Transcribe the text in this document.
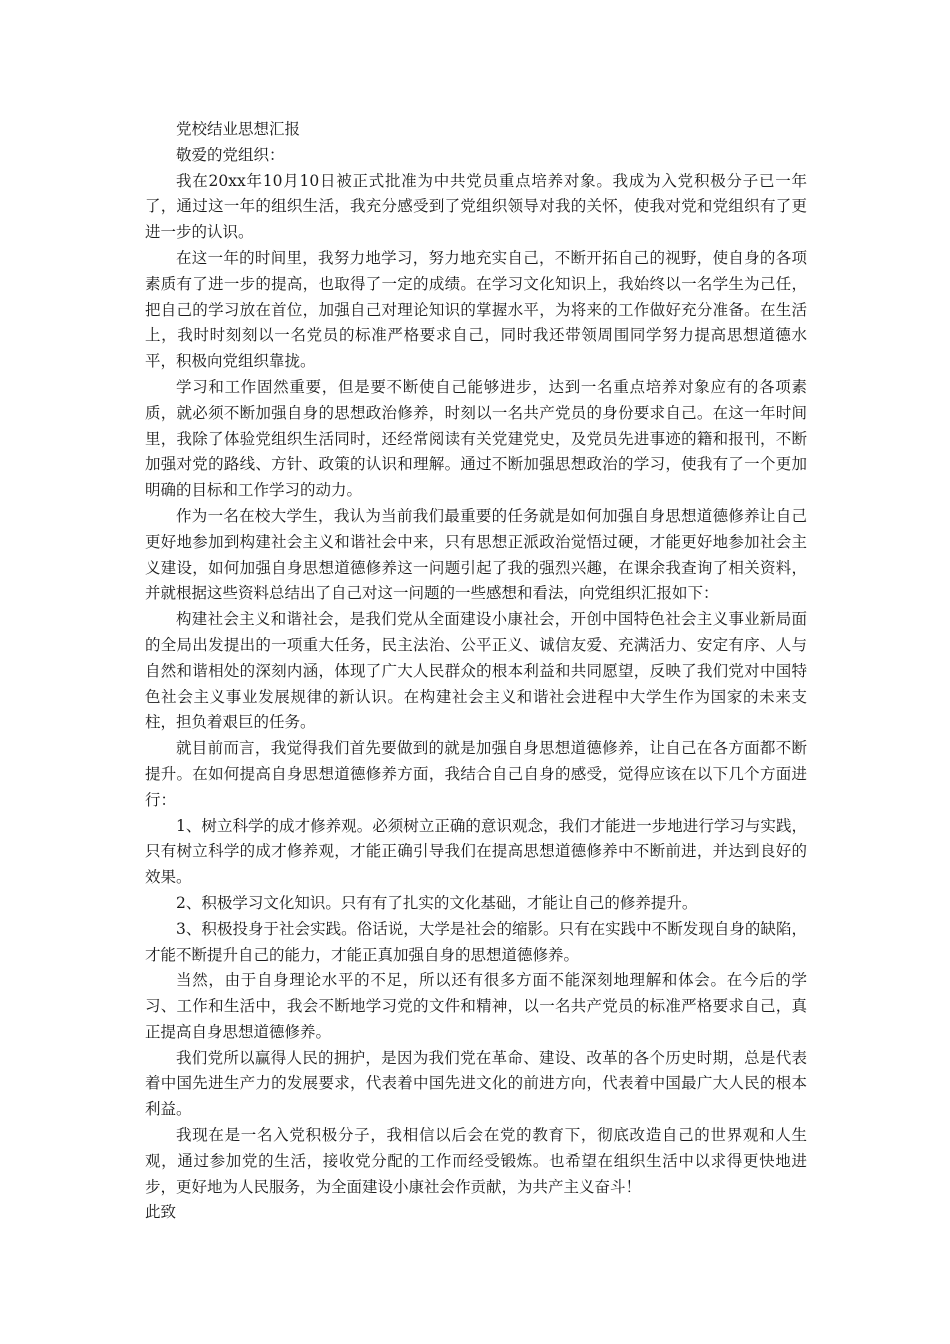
党校结业思想汇报

敬爱的党组织：

我在20xx年10月10日被正式批准为中共党员重点培养对象。我成为入党积极分子已一年了，通过这一年的组织生活，我充分感受到了党组织领导对我的关怀，使我对党和党组织有了更进一步的认识。

在这一年的时间里，我努力地学习，努力地充实自己，不断开拓自己的视野，使自身的各项素质有了进一步的提高，也取得了一定的成绩。在学习文化知识上，我始终以一名学生为己任，把自己的学习放在首位，加强自己对理论知识的掌握水平，为将来的工作做好充分准备。在生活上，我时时刻刻以一名党员的标准严格要求自己，同时我还带领周围同学努力提高思想道德水平，积极向党组织靠拢。

学习和工作固然重要，但是要不断使自己能够进步，达到一名重点培养对象应有的各项素质，就必须不断加强自身的思想政治修养，时刻以一名共产党员的身份要求自己。在这一年时间里，我除了体验党组织生活同时，还经常阅读有关党建党史，及党员先进事迹的籍和报刊，不断加强对党的路线、方针、政策的认识和理解。通过不断加强思想政治的学习，使我有了一个更加明确的目标和工作学习的动力。

作为一名在校大学生，我认为当前我们最重要的任务就是如何加强自身思想道德修养让自己更好地参加到构建社会主义和谐社会中来，只有思想正派政治觉悟过硬，才能更好地参加社会主义建设，如何加强自身思想道德修养这一问题引起了我的强烈兴趣，在课余我查询了相关资料，并就根据这些资料总结出了自己对这一问题的一些感想和看法，向党组织汇报如下：

构建社会主义和谐社会，是我们党从全面建设小康社会，开创中国特色社会主义事业新局面的全局出发提出的一项重大任务，民主法治、公平正义、诚信友爱、充满活力、安定有序、人与自然和谐相处的深刻内涵，体现了广大人民群众的根本利益和共同愿望，反映了我们党对中国特色社会主义事业发展规律的新认识。在构建社会主义和谐社会进程中大学生作为国家的未来支柱，担负着艰巨的任务。

就目前而言，我觉得我们首先要做到的就是加强自身思想道德修养，让自己在各方面都不断提升。在如何提高自身思想道德修养方面，我结合自己自身的感受，觉得应该在以下几个方面进行：

1、树立科学的成才修养观。必须树立正确的意识观念，我们才能进一步地进行学习与实践，只有树立科学的成才修养观，才能正确引导我们在提高思想道德修养中不断前进，并达到良好的效果。

2、积极学习文化知识。只有有了扎实的文化基础，才能让自己的修养提升。

3、积极投身于社会实践。俗话说，大学是社会的缩影。只有在实践中不断发现自身的缺陷，才能不断提升自己的能力，才能正真加强自身的思想道德修养。

当然，由于自身理论水平的不足，所以还有很多方面不能深刻地理解和体会。在今后的学习、工作和生活中，我会不断地学习党的文件和精神，以一名共产党员的标准严格要求自己，真正提高自身思想道德修养。

我们党所以赢得人民的拥护，是因为我们党在革命、建设、改革的各个历史时期，总是代表着中国先进生产力的发展要求，代表着中国先进文化的前进方向，代表着中国最广大人民的根本利益。

我现在是一名入党积极分子，我相信以后会在党的教育下，彻底改造自己的世界观和人生观，通过参加党的生活，接收党分配的工作而经受锻炼。也希望在组织生活中以求得更快地进步，更好地为人民服务，为全面建设小康社会作贡献，为共产主义奋斗！

此致
